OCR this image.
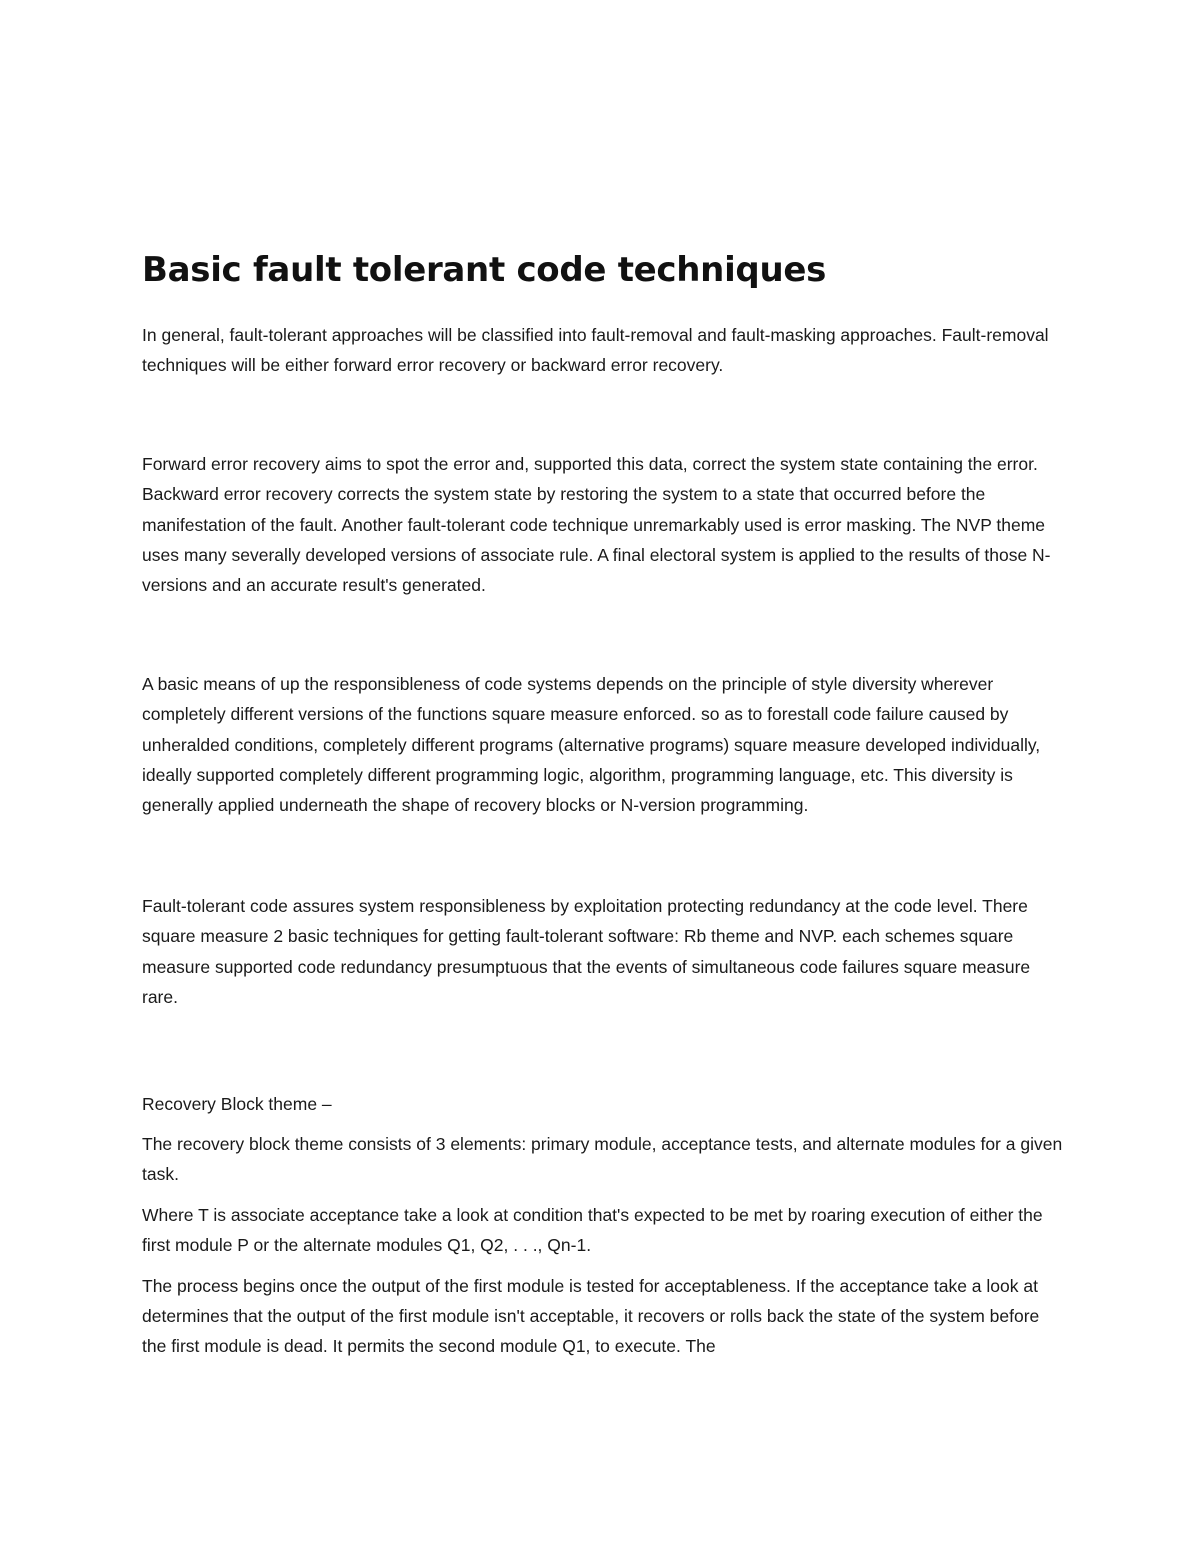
Basic fault tolerant code techniques

In general, fault-tolerant approaches will be classified into fault-removal and fault-masking approaches. Fault-removal techniques will be either forward error recovery or backward error recovery.

Forward error recovery aims to spot the error and, supported this data, correct the system state containing the error. Backward error recovery corrects the system state by restoring the system to a state that occurred before the manifestation of the fault. Another fault-tolerant code technique unremarkably used is error masking. The NVP theme uses many severally developed versions of associate rule. A final electoral system is applied to the results of those N-versions and an accurate result's generated.

A basic means of up the responsibleness of code systems depends on the principle of style diversity wherever completely different versions of the functions square measure enforced. so as to forestall code failure caused by unheralded conditions, completely different programs (alternative programs) square measure developed individually, ideally supported completely different programming logic, algorithm, programming language, etc. This diversity is generally applied underneath the shape of recovery blocks or N-version programming.

Fault-tolerant code assures system responsibleness by exploitation protecting redundancy at the code level. There square measure 2 basic techniques for getting fault-tolerant software: Rb theme and NVP. each schemes square measure supported code redundancy presumptuous that the events of simultaneous code failures square measure rare.

Recovery Block theme –

The recovery block theme consists of 3 elements: primary module, acceptance tests, and alternate modules for a given task.

Where T is associate acceptance take a look at condition that's expected to be met by roaring execution of either the first module P or the alternate modules Q1, Q2, . . ., Qn-1.

The process begins once the output of the first module is tested for acceptableness. If the acceptance take a look at determines that the output of the first module isn't acceptable, it recovers or rolls back the state of the system before the first module is dead. It permits the second module Q1, to execute. The
